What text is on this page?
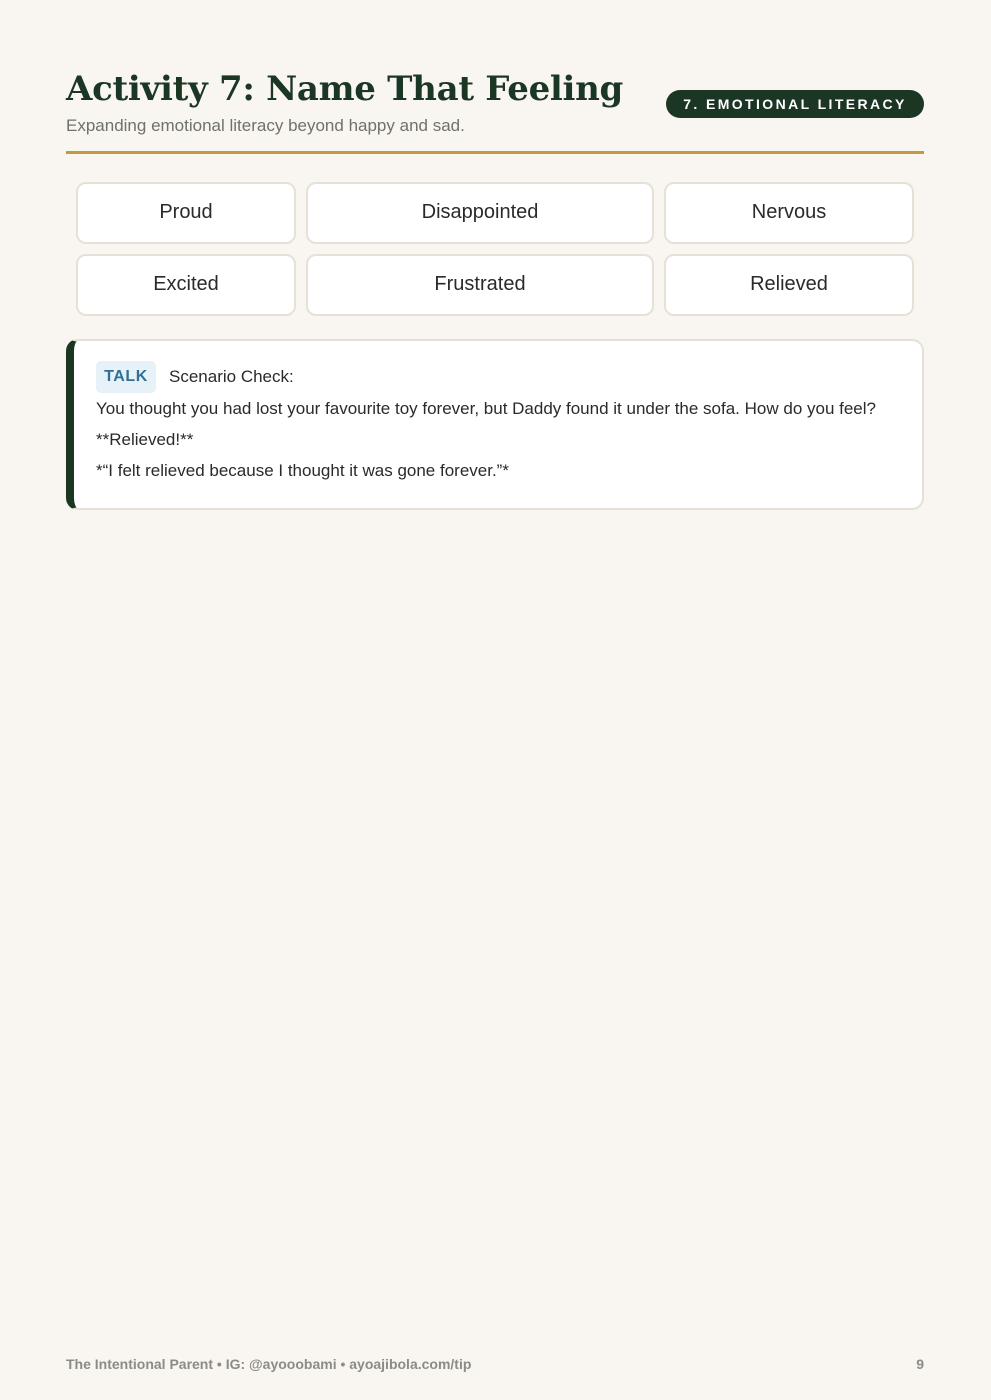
Activity 7: Name That Feeling
Expanding emotional literacy beyond happy and sad.
7. EMOTIONAL LITERACY
Proud	Disappointed	Nervous
Excited	Frustrated	Relieved
TALK	Scenario Check:
You thought you had lost your favourite toy forever, but Daddy found it under the sofa. How do you feel?
**Relieved!**
*“I felt relieved because I thought it was gone forever.”*
The Intentional Parent • IG: @ayooobami • ayoajibola.com/tip	9
